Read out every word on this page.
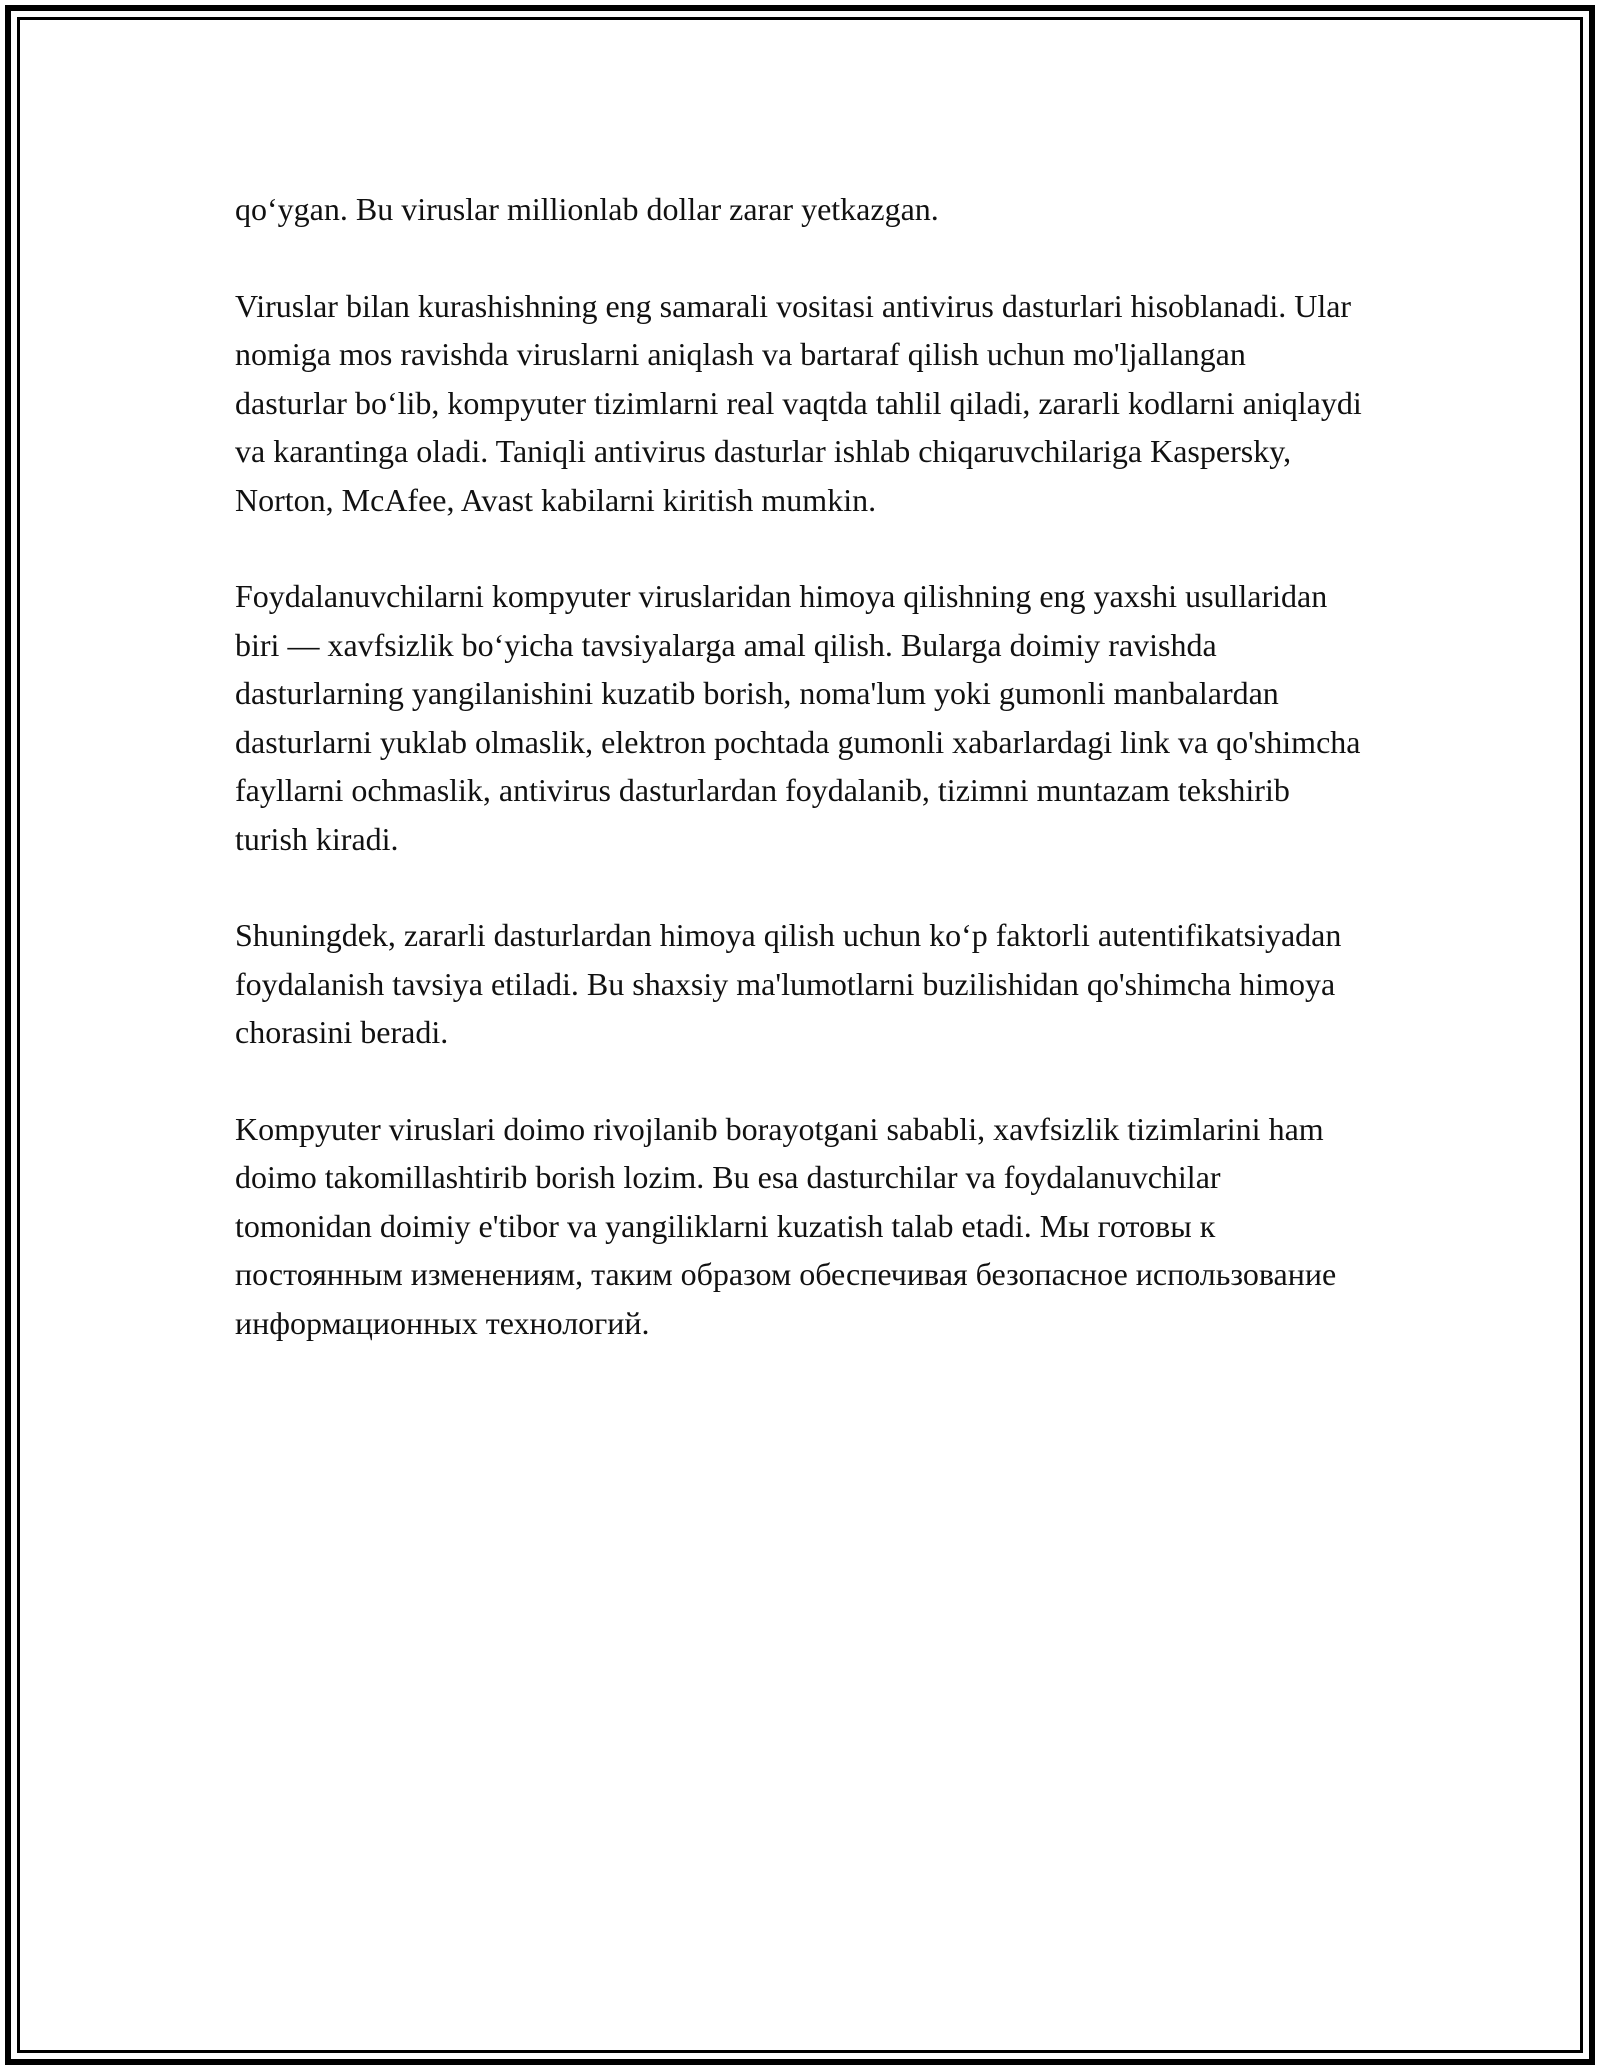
qo‘ygan. Bu viruslar millionlab dollar zarar yetkazgan.

Viruslar bilan kurashishning eng samarali vositasi antivirus dasturlari hisoblanadi. Ular nomiga mos ravishda viruslarni aniqlash va bartaraf qilish uchun mo'ljallangan dasturlar bo‘lib, kompyuter tizimlarni real vaqtda tahlil qiladi, zararli kodlarni aniqlaydi va karantinga oladi. Taniqli antivirus dasturlar ishlab chiqaruvchilariga Kaspersky, Norton, McAfee, Avast kabilarni kiritish mumkin.

Foydalanuvchilarni kompyuter viruslaridan himoya qilishning eng yaxshi usullaridan biri — xavfsizlik bo‘yicha tavsiyalarga amal qilish. Bularga doimiy ravishda dasturlarning yangilanishini kuzatib borish, noma'lum yoki gumonli manbalardan dasturlarni yuklab olmaslik, elektron pochtada gumonli xabarlardagi link va qo'shimcha fayllarni ochmaslik, antivirus dasturlardan foydalanib, tizimni muntazam tekshirib turish kiradi.

Shuningdek, zararli dasturlardan himoya qilish uchun ko‘p faktorli autentifikatsiyadan foydalanish tavsiya etiladi. Bu shaxsiy ma'lumotlarni buzilishidan qo'shimcha himoya chorasini beradi.

Kompyuter viruslari doimo rivojlanib borayotgani sababli, xavfsizlik tizimlarini ham doimo takomillashtirib borish lozim. Bu esa dasturchilar va foydalanuvchilar tomonidan doimiy e'tibor va yangiliklarni kuzatish talab etadi. Мы готовы к постоянным изменениям, таким образом обеспечивая безопасное использование информационных технологий.
